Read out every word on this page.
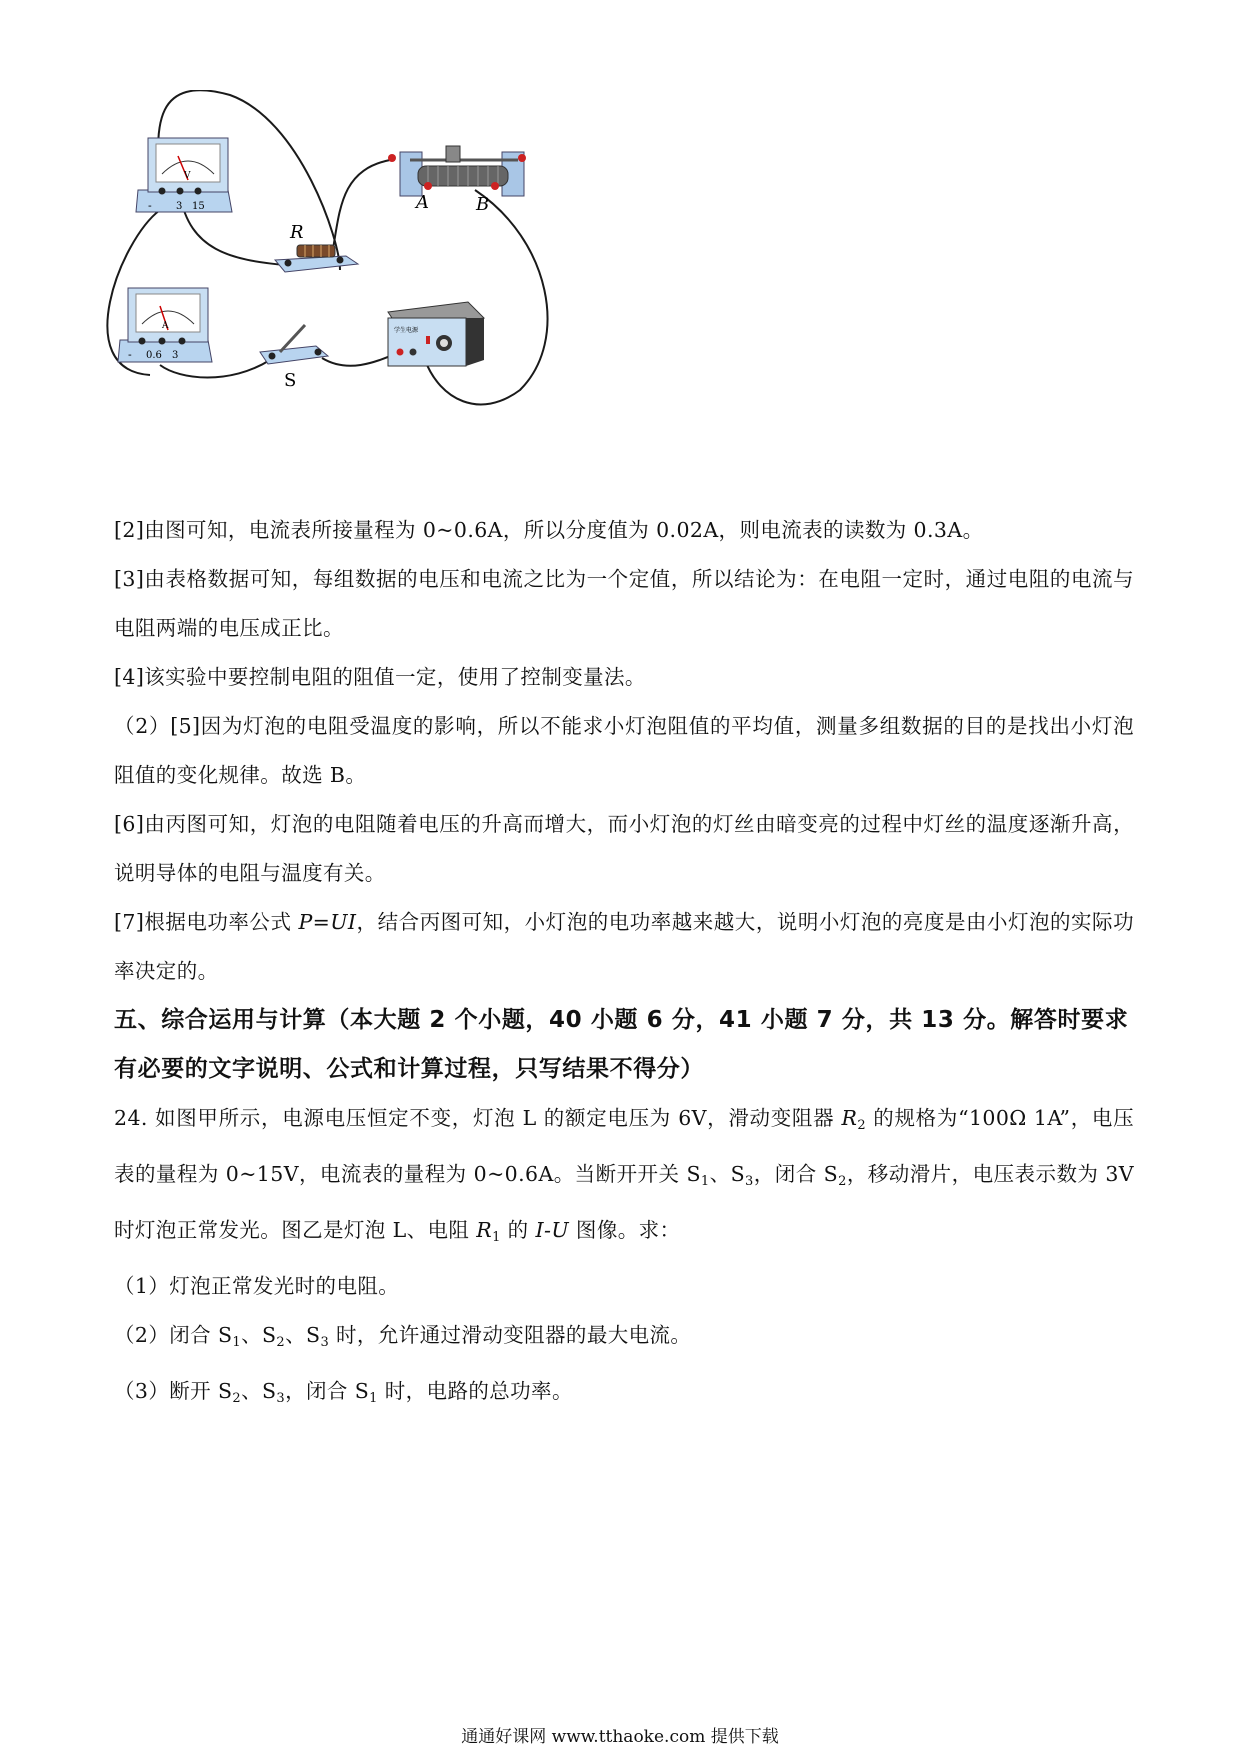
V
- 3 15
R
A	B
A
- 0.6 3
S
学生电源

[2]由图可知，电流表所接量程为 0~0.6A，所以分度值为 0.02A，则电流表的读数为 0.3A。

[3]由表格数据可知，每组数据的电压和电流之比为一个定值，所以结论为：在电阻一定时，通过电阻的电流与电阻两端的电压成正比。

[4]该实验中要控制电阻的阻值一定，使用了控制变量法。

（2）[5]因为灯泡的电阻受温度的影响，所以不能求小灯泡阻值的平均值，测量多组数据的目的是找出小灯泡阻值的变化规律。故选 B。

[6]由丙图可知，灯泡的电阻随着电压的升高而增大，而小灯泡的灯丝由暗变亮的过程中灯丝的温度逐渐升高，说明导体的电阻与温度有关。

[7]根据电功率公式 P=UI，结合丙图可知，小灯泡的电功率越来越大，说明小灯泡的亮度是由小灯泡的实际功率决定的。

五、综合运用与计算（本大题 2 个小题，40 小题 6 分，41 小题 7 分，共 13 分。解答时要求有必要的文字说明、公式和计算过程，只写结果不得分）

24. 如图甲所示，电源电压恒定不变，灯泡 L 的额定电压为 6V，滑动变阻器 $R_2$ 的规格为“100Ω 1A”，电压表的量程为 0~15V，电流表的量程为 0~0.6A。当断开开关 $S_1$、$S_3$，闭合 $S_2$，移动滑片，电压表示数为 3V 时灯泡正常发光。图乙是灯泡 L、电阻 $R_1$ 的 I-U 图像。求：

（1）灯泡正常发光时的电阻。

（2）闭合 $S_1$、$S_2$、$S_3$ 时，允许通过滑动变阻器的最大电流。

（3）断开 $S_2$、$S_3$，闭合 $S_1$ 时，电路的总功率。

通通好课网 www.tthaoke.com 提供下载
